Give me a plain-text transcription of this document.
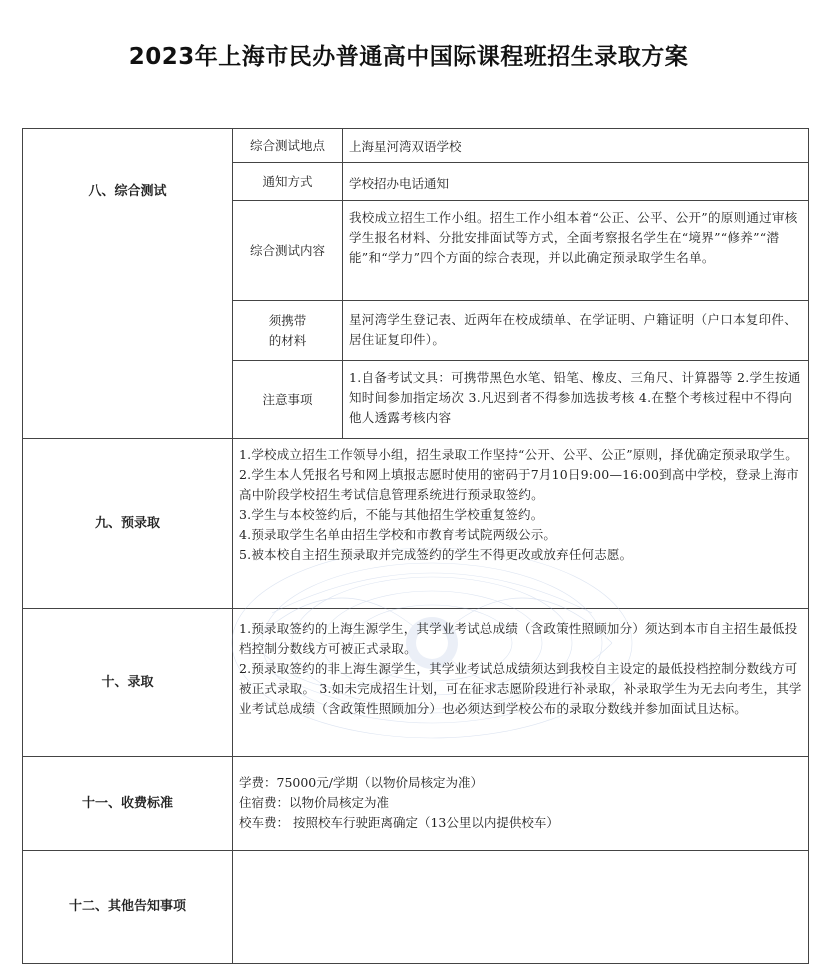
2023年上海市民办普通高中国际课程班招生录取方案
八、综合测试
综合测试地点	上海星河湾双语学校
通知方式	学校招办电话通知
综合测试内容
我校成立招生工作小组。招生工作小组本着“公正、公平、公开”的原则通过审核学生报名材料、分批安排面试等方式，全面考察报名学生在“境界”“修养”“潜能”和“学力”四个方面的综合表现，并以此确定预录取学生名单。
须携带
的材料
星河湾学生登记表、近两年在校成绩单、在学证明、户籍证明（户口本复印件、居住证复印件）。
注意事项
1.自备考试文具：可携带黑色水笔、铅笔、橡皮、三角尺、计算器等 2.学生按通知时间参加指定场次 3.凡迟到者不得参加选拔考核 4.在整个考核过程中不得向他人透露考核内容
九、预录取
1.学校成立招生工作领导小组，招生录取工作坚持“公开、公平、公正”原则，择优确定预录取学生。
2.学生本人凭报名号和网上填报志愿时使用的密码于7月10日9:00—16:00到高中学校，登录上海市高中阶段学校招生考试信息管理系统进行预录取签约。
3.学生与本校签约后，不能与其他招生学校重复签约。
4.预录取学生名单由招生学校和市教育考试院两级公示。
5.被本校自主招生预录取并完成签约的学生不得更改或放弃任何志愿。
十、录取
1.预录取签约的上海生源学生，其学业考试总成绩（含政策性照顾加分）须达到本市自主招生最低投档控制分数线方可被正式录取。
2.预录取签约的非上海生源学生，其学业考试总成绩须达到我校自主设定的最低投档控制分数线方可被正式录取。 3.如未完成招生计划，可在征求志愿阶段进行补录取，补录取学生为无去向考生，其学业考试总成绩（含政策性照顾加分）也必须达到学校公布的录取分数线并参加面试且达标。
十一、收费标准
学费：75000元/学期（以物价局核定为准）
住宿费：以物价局核定为准
校车费： 按照校车行驶距离确定（13公里以内提供校车）
十二、其他告知事项
